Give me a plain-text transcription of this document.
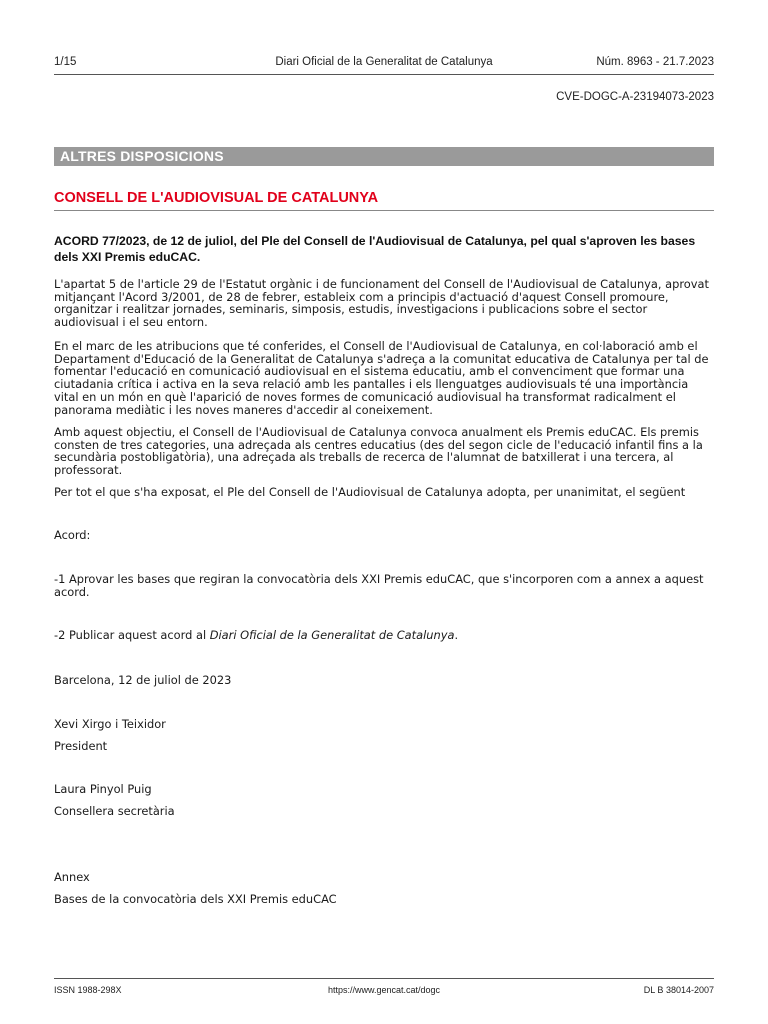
1/15	Diari Oficial de la Generalitat de Catalunya	Núm. 8963 - 21.7.2023
CVE-DOGC-A-23194073-2023
ALTRES DISPOSICIONS
CONSELL DE L'AUDIOVISUAL DE CATALUNYA
ACORD 77/2023, de 12 de juliol, del Ple del Consell de l'Audiovisual de Catalunya, pel qual s'aproven les bases dels XXI Premis eduCAC.
L'apartat 5 de l'article 29 de l'Estatut orgànic i de funcionament del Consell de l'Audiovisual de Catalunya, aprovat mitjançant l'Acord 3/2001, de 28 de febrer, estableix com a principis d'actuació d'aquest Consell promoure, organitzar i realitzar jornades, seminaris, simposis, estudis, investigacions i publicacions sobre el sector audiovisual i el seu entorn.
En el marc de les atribucions que té conferides, el Consell de l'Audiovisual de Catalunya, en col·laboració amb el Departament d'Educació de la Generalitat de Catalunya s'adreça a la comunitat educativa de Catalunya per tal de fomentar l'educació en comunicació audiovisual en el sistema educatiu, amb el convenciment que formar una ciutadania crítica i activa en la seva relació amb les pantalles i els llenguatges audiovisuals té una importància vital en un món en què l'aparició de noves formes de comunicació audiovisual ha transformat radicalment el panorama mediàtic i les noves maneres d'accedir al coneixement.
Amb aquest objectiu, el Consell de l'Audiovisual de Catalunya convoca anualment els Premis eduCAC. Els premis consten de tres categories, una adreçada als centres educatius (des del segon cicle de l'educació infantil fins a la secundària postobligatòria), una adreçada als treballs de recerca de l'alumnat de batxillerat i una tercera, al professorat.
Per tot el que s'ha exposat, el Ple del Consell de l'Audiovisual de Catalunya adopta, per unanimitat, el següent
Acord:
-1 Aprovar les bases que regiran la convocatòria dels XXI Premis eduCAC, que s'incorporen com a annex a aquest acord.
-2 Publicar aquest acord al Diari Oficial de la Generalitat de Catalunya.
Barcelona, 12 de juliol de 2023
Xevi Xirgo i Teixidor
President
Laura Pinyol Puig
Consellera secretària
Annex
Bases de la convocatòria dels XXI Premis eduCAC
ISSN 1988-298X	https://www.gencat.cat/dogc	DL B 38014-2007
